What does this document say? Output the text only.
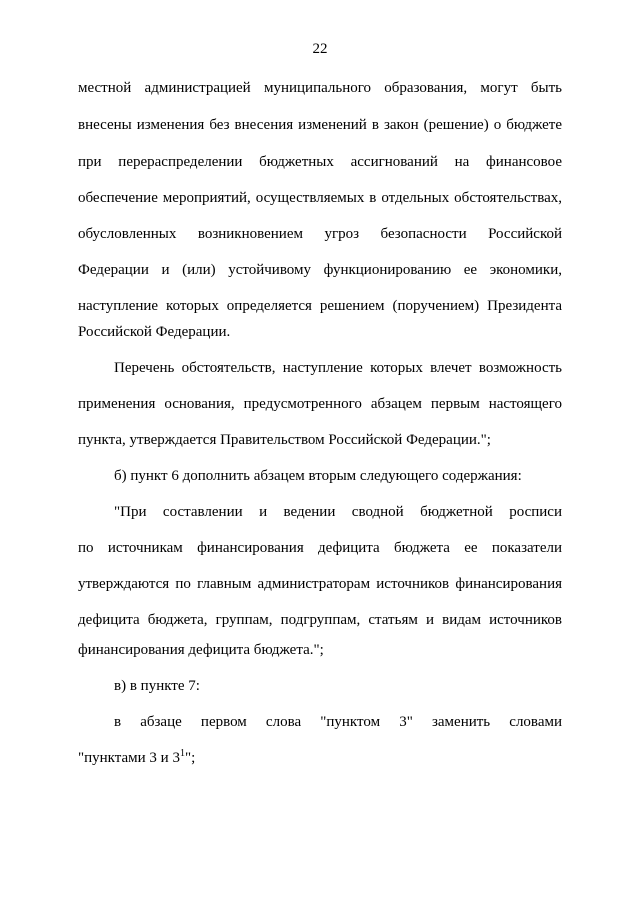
22
местной администрацией муниципального образования, могут быть
внесены изменения без внесения изменений в закон (решение) о бюджете
при перераспределении бюджетных ассигнований на финансовое
обеспечение мероприятий, осуществляемых в отдельных обстоятельствах,
обусловленных возникновением угроз безопасности Российской
Федерации и (или) устойчивому функционированию ее экономики,
наступление которых определяется решением (поручением) Президента
Российской Федерации.
Перечень обстоятельств, наступление которых влечет возможность
применения основания, предусмотренного абзацем первым настоящего
пункта, утверждается Правительством Российской Федерации.";
б) пункт 6 дополнить абзацем вторым следующего содержания:
"При составлении и ведении сводной бюджетной росписи
по источникам финансирования дефицита бюджета ее показатели
утверждаются по главным администраторам источников финансирования
дефицита бюджета, группам, подгруппам, статьям и видам источников
финансирования дефицита бюджета.";
в) в пункте 7:
в абзаце первом слова "пунктом 3" заменить словами
"пунктами 3 и $3^1$";
